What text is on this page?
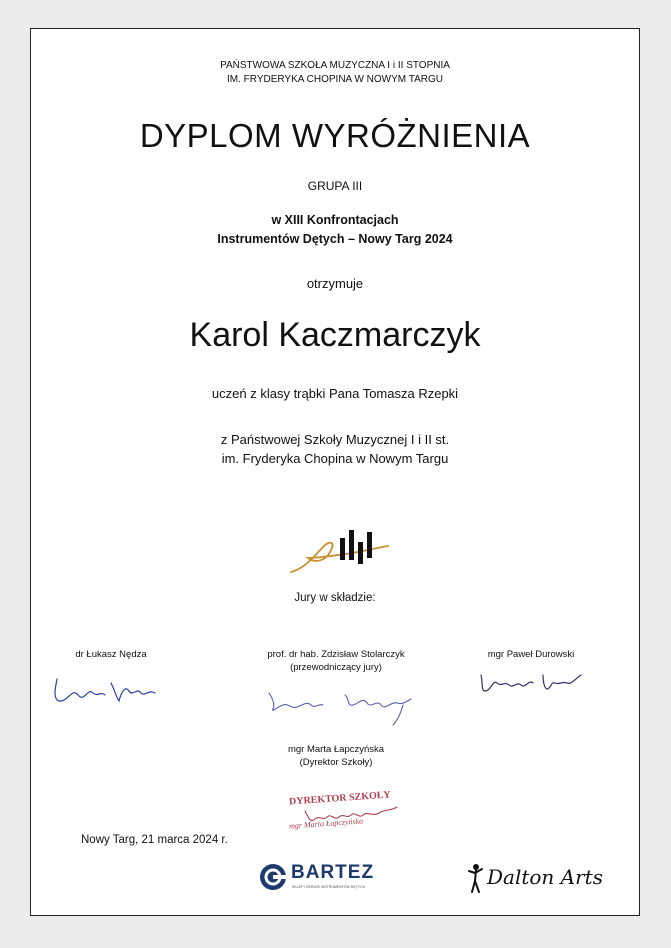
PAŃSTWOWA SZKOŁA MUZYCZNA I i II STOPNIA
IM. FRYDERYKA CHOPINA W NOWYM TARGU
DYPLOM WYRÓŻNIENIA
GRUPA III
w XIII Konfrontacjach
Instrumentów Dętych – Nowy Targ 2024
otrzymuje
Karol Kaczmarczyk
uczeń z klasy trąbki Pana Tomasza Rzepki
z Państwowej Szkoły Muzycznej I i II st.
im. Fryderyka Chopina w Nowym Targu
Jury w składzie:
dr Łukasz Nędza	prof. dr hab. Zdzisław Stolarczyk
(przewodniczący jury)
mgr Paweł Durowski
mgr Marta Łapczyńska
(Dyrektor Szkoły)
DYREKTOR SZKOŁY
mgr Marta Łapczyńska
Nowy Targ, 21 marca 2024 r.
BARTEZ
SKLEP I SERWIS INSTRUMENTÓW DĘTYCH	Dalton Arts
